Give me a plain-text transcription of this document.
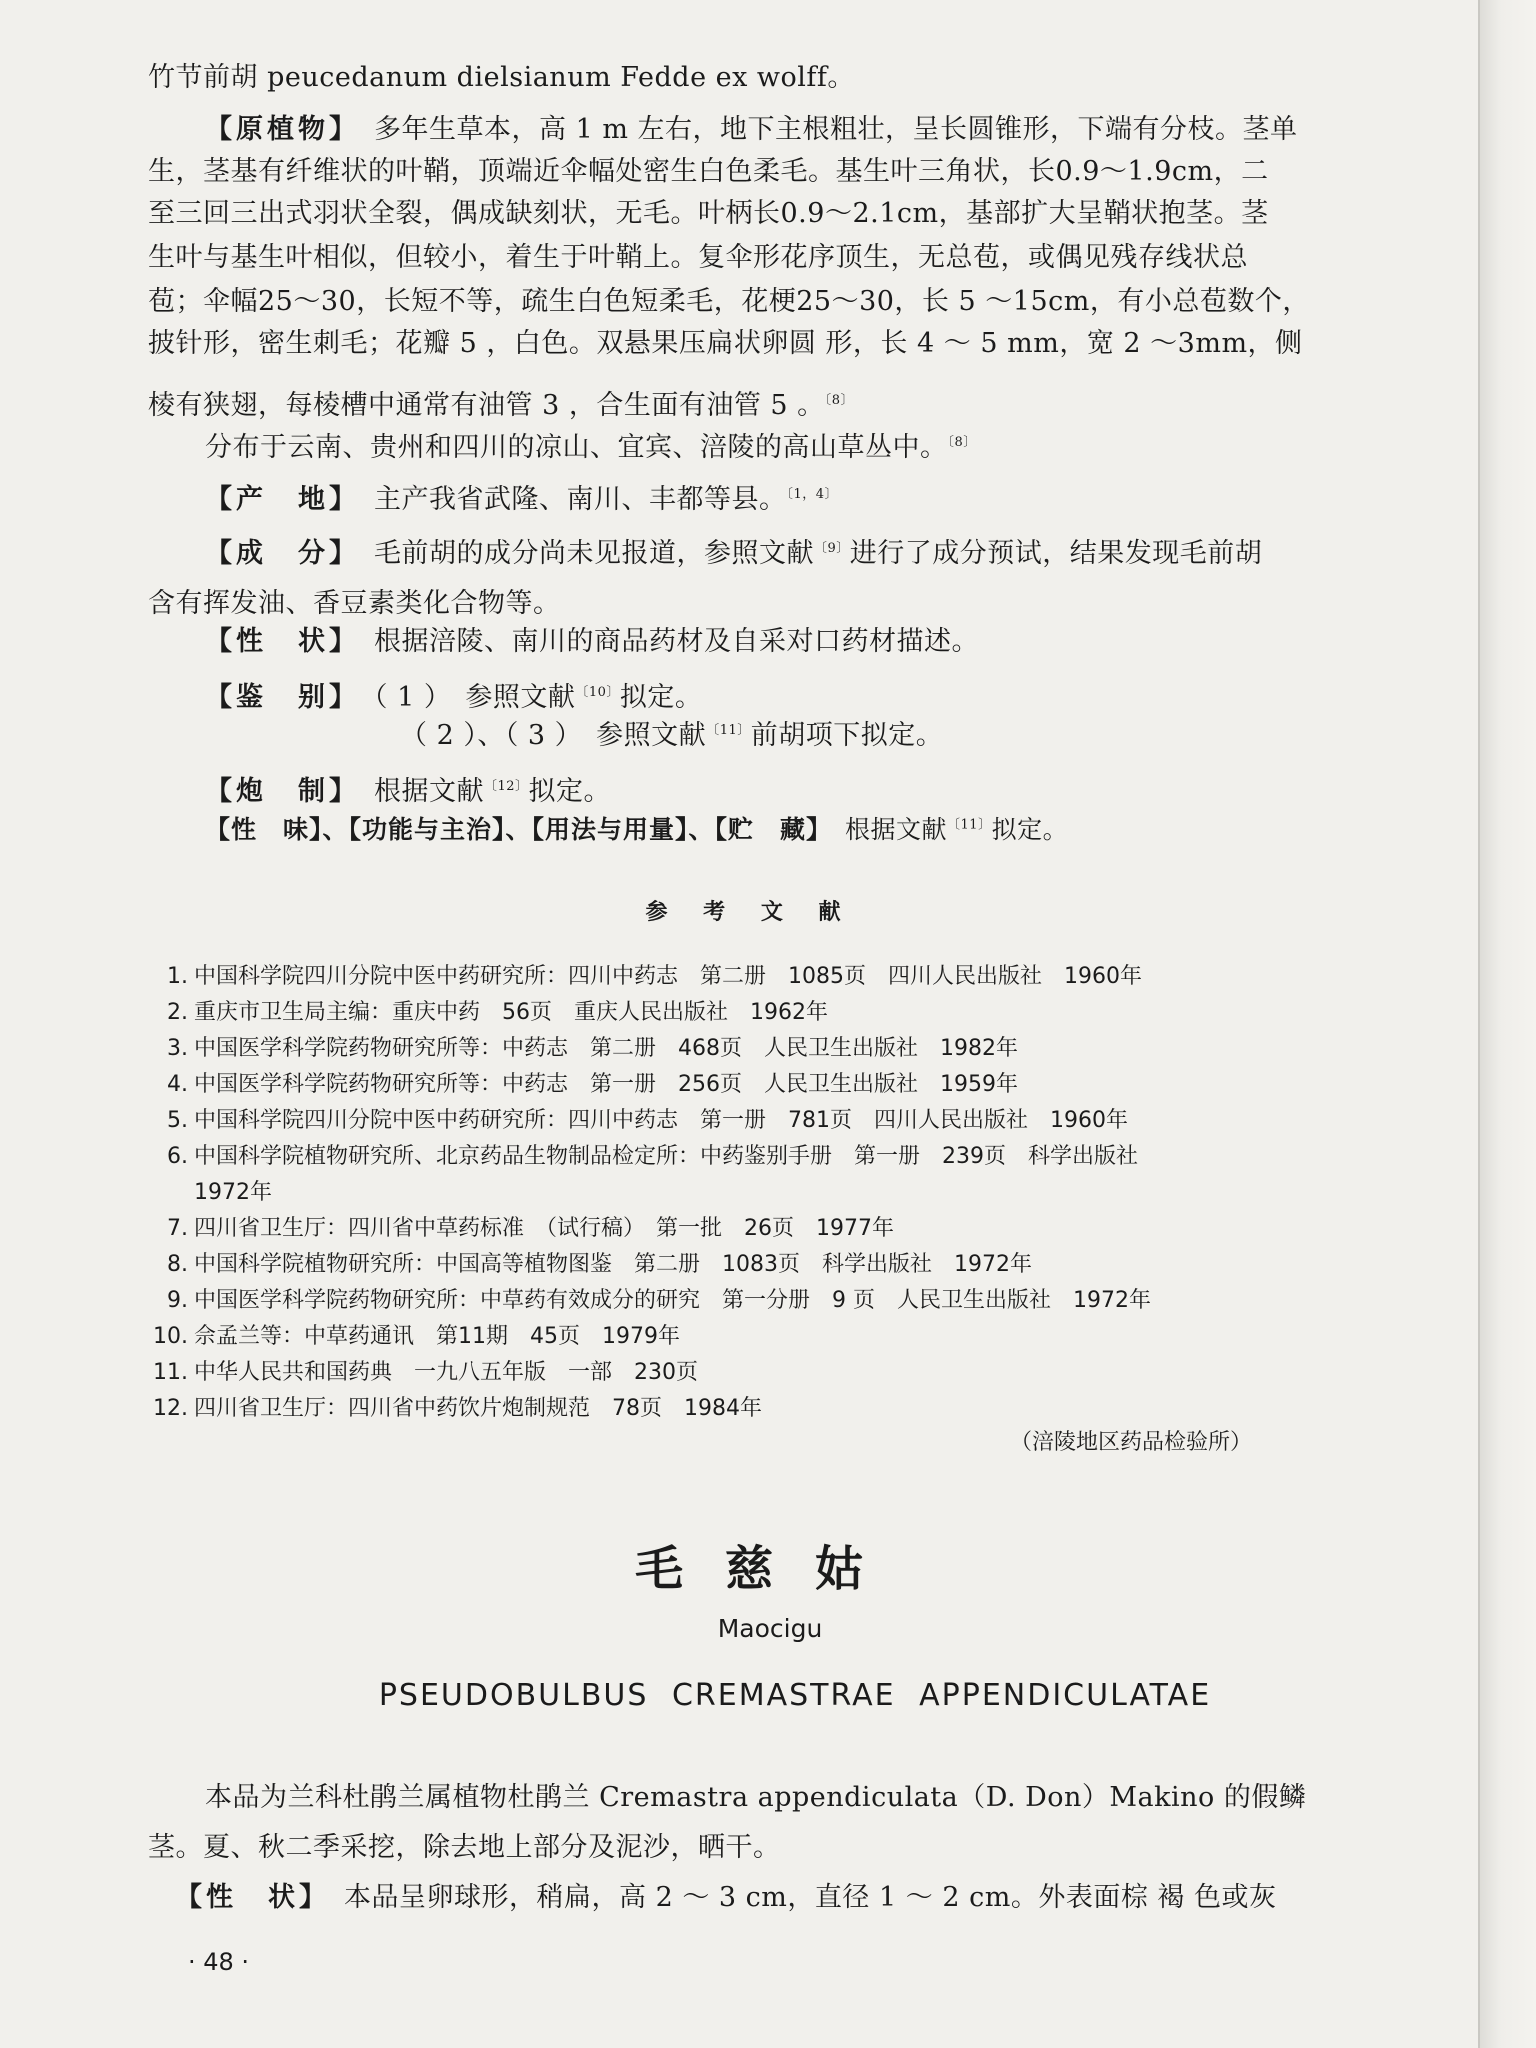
竹节前胡 peucedanum dielsianum Fedde ex wolff。
【原植物】　多年生草本，高 1 m 左右，地下主根粗壮，呈长圆锥形，下端有分枝。茎单
生，茎基有纤维状的叶鞘，顶端近伞幅处密生白色柔毛。基生叶三角状，长0.9～1.9cm，二
至三回三出式羽状全裂，偶成缺刻状，无毛。叶柄长0.9～2.1cm，基部扩大呈鞘状抱茎。茎
生叶与基生叶相似，但较小，着生于叶鞘上。复伞形花序顶生，无总苞，或偶见残存线状总
苞；伞幅25～30，长短不等，疏生白色短柔毛，花梗25～30，长 5 ～15cm，有小总苞数个，
披针形，密生刺毛；花瓣 5 ，白色。双悬果压扁状卵圆 形，长 4 ～ 5 mm，宽 2 ～3mm，侧
棱有狭翅，每棱槽中通常有油管 3 ，合生面有油管 5 。$^{〔8〕}$
分布于云南、贵州和四川的凉山、宜宾、涪陵的高山草丛中。$^{〔8〕}$
【产　地】　主产我省武隆、南川、丰都等县。$^{〔1,4〕}$
【成　分】　毛前胡的成分尚未见报道，参照文献$^{〔9〕}$进行了成分预试，结果发现毛前胡
含有挥发油、香豆素类化合物等。
【性　状】　根据涪陵、南川的商品药材及自采对口药材描述。
【鉴　别】　（ 1 ）　参照文献$^{〔10〕}$拟定。
（ 2 ）、（ 3 ）　参照文献$^{〔11〕}$前胡项下拟定。
【炮　制】　根据文献$^{〔12〕}$拟定。
【性　味】、【功能与主治】、【用法与用量】、【贮　藏】　根据文献$^{〔11〕}$拟定。
参 考 文 献
1. 中国科学院四川分院中医中药研究所：四川中药志　第二册　1085页　四川人民出版社　1960年
2. 重庆市卫生局主编：重庆中药　56页　重庆人民出版社　1962年
3. 中国医学科学院药物研究所等：中药志　第二册　468页　人民卫生出版社　1982年
4. 中国医学科学院药物研究所等：中药志　第一册　256页　人民卫生出版社　1959年
5. 中国科学院四川分院中医中药研究所：四川中药志　第一册　781页　四川人民出版社　1960年
6. 中国科学院植物研究所、北京药品生物制品检定所：中药鉴别手册　第一册　239页　科学出版社
1972年
7. 四川省卫生厅：四川省中草药标准　（试行稿）　第一批　26页　1977年
8. 中国科学院植物研究所：中国高等植物图鉴　第二册　1083页　科学出版社　1972年
9. 中国医学科学院药物研究所：中草药有效成分的研究　第一分册　9 页　人民卫生出版社　1972年
10. 佘孟兰等：中草药通讯　第11期　45页　1979年
11. 中华人民共和国药典　一九八五年版　一部　230页
12. 四川省卫生厅：四川省中药饮片炮制规范　78页　1984年
（涪陵地区药品检验所）
毛慈姑
Maocigu
PSEUDOBULBUS CREMASTRAE APPENDICULATAE
本品为兰科杜鹃兰属植物杜鹃兰 Cremastra appendiculata（D. Don）Makino 的假鳞
茎。夏、秋二季采挖，除去地上部分及泥沙，晒干。
【性　状】　本品呈卵球形，稍扁，高 2 ～ 3 cm，直径 1 ～ 2 cm。外表面棕 褐 色或灰
· 48 ·
